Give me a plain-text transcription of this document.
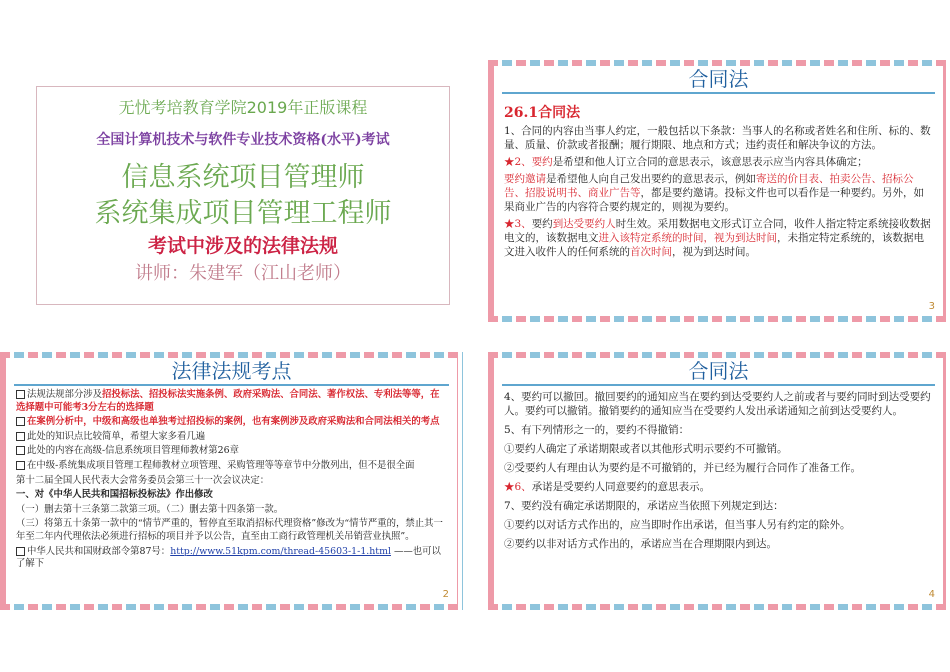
无忧考培教育学院2019年正版课程
全国计算机技术与软件专业技术资格(水平)考试
信息系统项目管理师
系统集成项目管理工程师
考试中涉及的法律法规
讲师：朱建军（江山老师）
合同法
26.1合同法

1、合同的内容由当事人约定，一般包括以下条款：当事人的名称或者姓名和住所、标的、数量、质量、价款或者报酬；履行期限、地点和方式；违约责任和解决争议的方法。

★2、要约是希望和他人订立合同的意思表示，该意思表示应当内容具体确定；

要约邀请是希望他人向自己发出要约的意思表示，例如寄送的价目表、拍卖公告、招标公告、招股说明书、商业广告等，都是要约邀请。投标文件也可以看作是一种要约。另外，如果商业广告的内容符合要约规定的，则视为要约。

★3、要约到达受要约人时生效。采用数据电文形式订立合同，收件人指定特定系统接收数据电文的，该数据电文进入该特定系统的时间，视为到达时间，未指定特定系统的，该数据电文进入收件人的任何系统的首次时间，视为到达时间。

3
法律法规考点

法规法规部分涉及招投标法、招投标法实施条例、政府采购法、合同法、著作权法、专利法等等，在选择题中可能考3分左右的选择题

在案例分析中，中级和高级也单独考过招投标的案例，也有案例涉及政府采购法和合同法相关的考点

此处的知识点比较简单，希望大家多看几遍

此处的内容在高级-信息系统项目管理师教材第26章

在中级-系统集成项目管理工程师教材立项管理、采购管理等等章节中分散列出，但不是很全面

第十二届全国人民代表大会常务委员会第三十一次会议决定：

一、对《中华人民共和国招标投标法》作出修改

（一）删去第十三条第二款第三项。（二）删去第十四条第一款。

（三）将第五十条第一款中的“情节严重的，暂停直至取消招标代理资格”修改为“情节严重的，禁止其一年至二年内代理依法必须进行招标的项目并予以公告，直至由工商行政管理机关吊销营业执照”。

中华人民共和国财政部令第87号：http://www.51kpm.com/thread-45603-1-1.html ——也可以了解下

2
合同法

4、要约可以撤回。撤回要约的通知应当在要约到达受要约人之前或者与要约同时到达受要约人。要约可以撤销。撤销要约的通知应当在受要约人发出承诺通知之前到达受要约人。

5、有下列情形之一的，要约不得撤销：

①要约人确定了承诺期限或者以其他形式明示要约不可撤销。

②受要约人有理由认为要约是不可撤销的，并已经为履行合同作了准备工作。

★6、承诺是受要约人同意要约的意思表示。

7、要约没有确定承诺期限的，承诺应当依照下列规定到达：

①要约以对话方式作出的，应当即时作出承诺，但当事人另有约定的除外。

②要约以非对话方式作出的，承诺应当在合理期限内到达。

4
